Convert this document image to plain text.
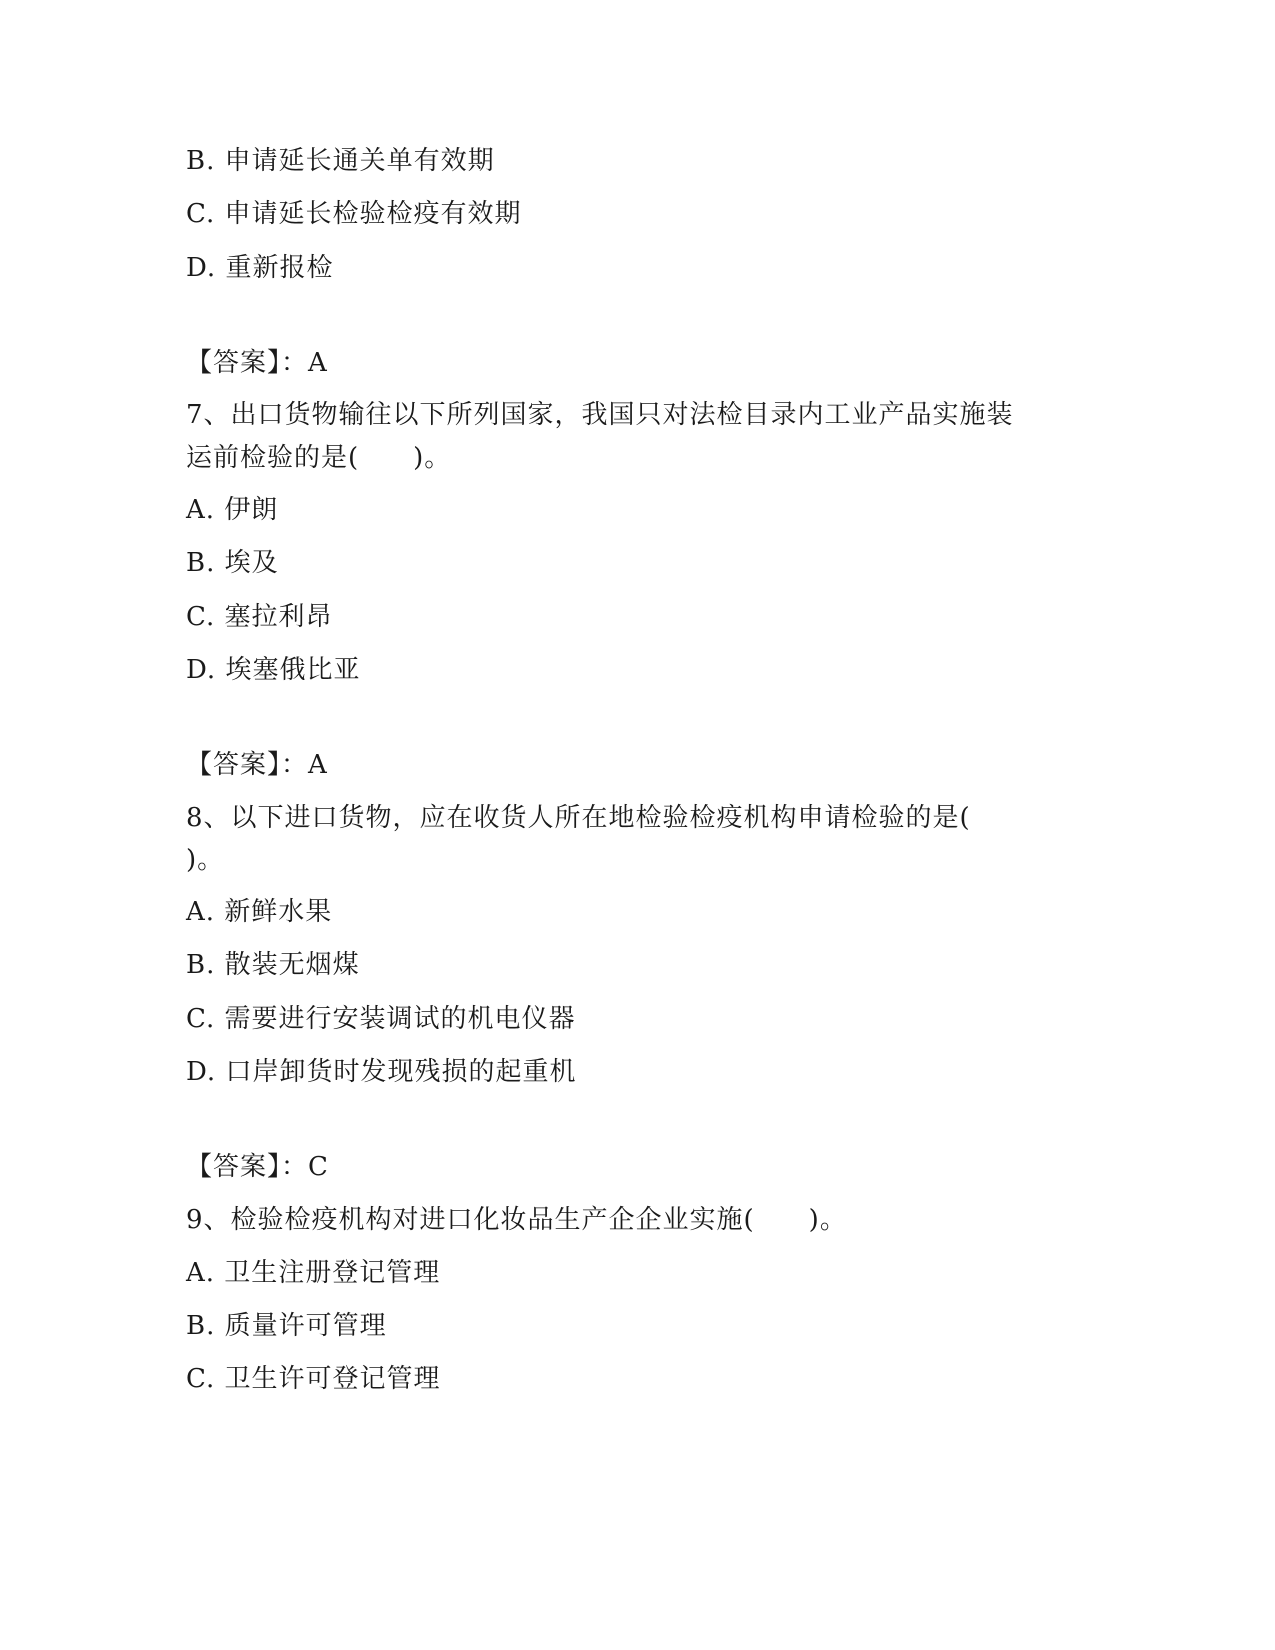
B. 申请延长通关单有效期
C. 申请延长检验检疫有效期
D. 重新报检
【答案】：A
7、出口货物输往以下所列国家，我国只对法检目录内工业产品实施装
运前检验的是(　　)。
A. 伊朗
B. 埃及
C. 塞拉利昂
D. 埃塞俄比亚
【答案】：A
8、以下进口货物，应在收货人所在地检验检疫机构申请检验的是(
)。
A. 新鲜水果
B. 散装无烟煤
C. 需要进行安装调试的机电仪器
D. 口岸卸货时发现残损的起重机
【答案】：C
9、检验检疫机构对进口化妆品生产企企业实施(　　)。
A. 卫生注册登记管理
B. 质量许可管理
C. 卫生许可登记管理
